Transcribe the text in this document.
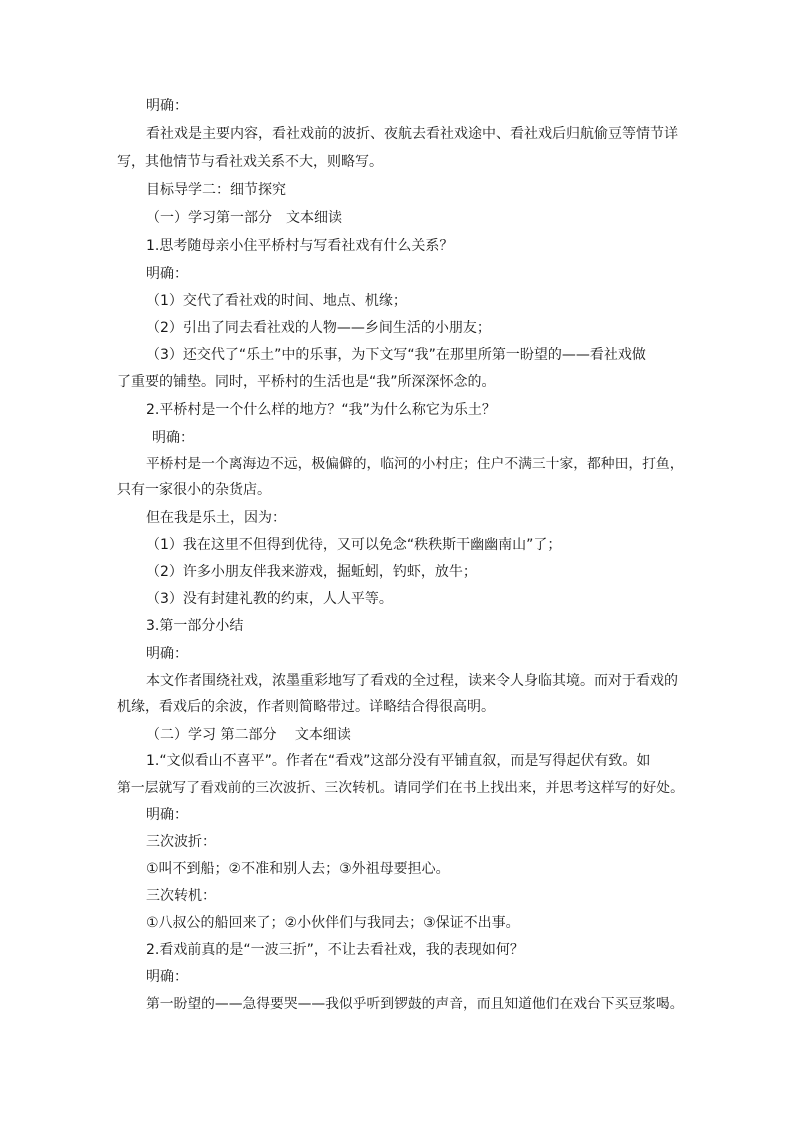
明确：
看社戏是主要内容，看社戏前的波折、夜航去看社戏途中、看社戏后归航偷豆等情节详
写，其他情节与看社戏关系不大，则略写。
目标导学二：细节探究
（一）学习第一部分　文本细读
1.思考随母亲小住平桥村与写看社戏有什么关系？
明确：
（1）交代了看社戏的时间、地点、机缘；
（2）引出了同去看社戏的人物——乡间生活的小朋友；
（3）还交代了“乐土”中的乐事，为下文写“我”在那里所第一盼望的——看社戏做
了重要的铺垫。同时，平桥村的生活也是“我”所深深怀念的。
2.平桥村是一个什么样的地方？“我”为什么称它为乐土？
明确：
平桥村是一个离海边不远，极偏僻的，临河的小村庄；住户不满三十家，都种田，打鱼，
只有一家很小的杂货店。
但在我是乐土，因为：
（1）我在这里不但得到优待，又可以免念“秩秩斯干幽幽南山”了；
（2）许多小朋友伴我来游戏，掘蚯蚓，钓虾，放牛；
（3）没有封建礼教的约束，人人平等。
3.第一部分小结
明确：
本文作者围绕社戏，浓墨重彩地写了看戏的全过程，读来令人身临其境。而对于看戏的
机缘，看戏后的余波，作者则简略带过。详略结合得很高明。
（二）学习 第二部分　 文本细读
1.“文似看山不喜平”。作者在“看戏”这部分没有平铺直叙，而是写得起伏有致。如
第一层就写了看戏前的三次波折、三次转机。请同学们在书上找出来，并思考这样写的好处。
明确：
三次波折：
①叫不到船；②不准和别人去；③外祖母要担心。
三次转机：
①八叔公的船回来了；②小伙伴们与我同去；③保证不出事。
2.看戏前真的是“一波三折”，不让去看社戏，我的表现如何？
明确：
第一盼望的——急得要哭——我似乎听到锣鼓的声音，而且知道他们在戏台下买豆浆喝。
